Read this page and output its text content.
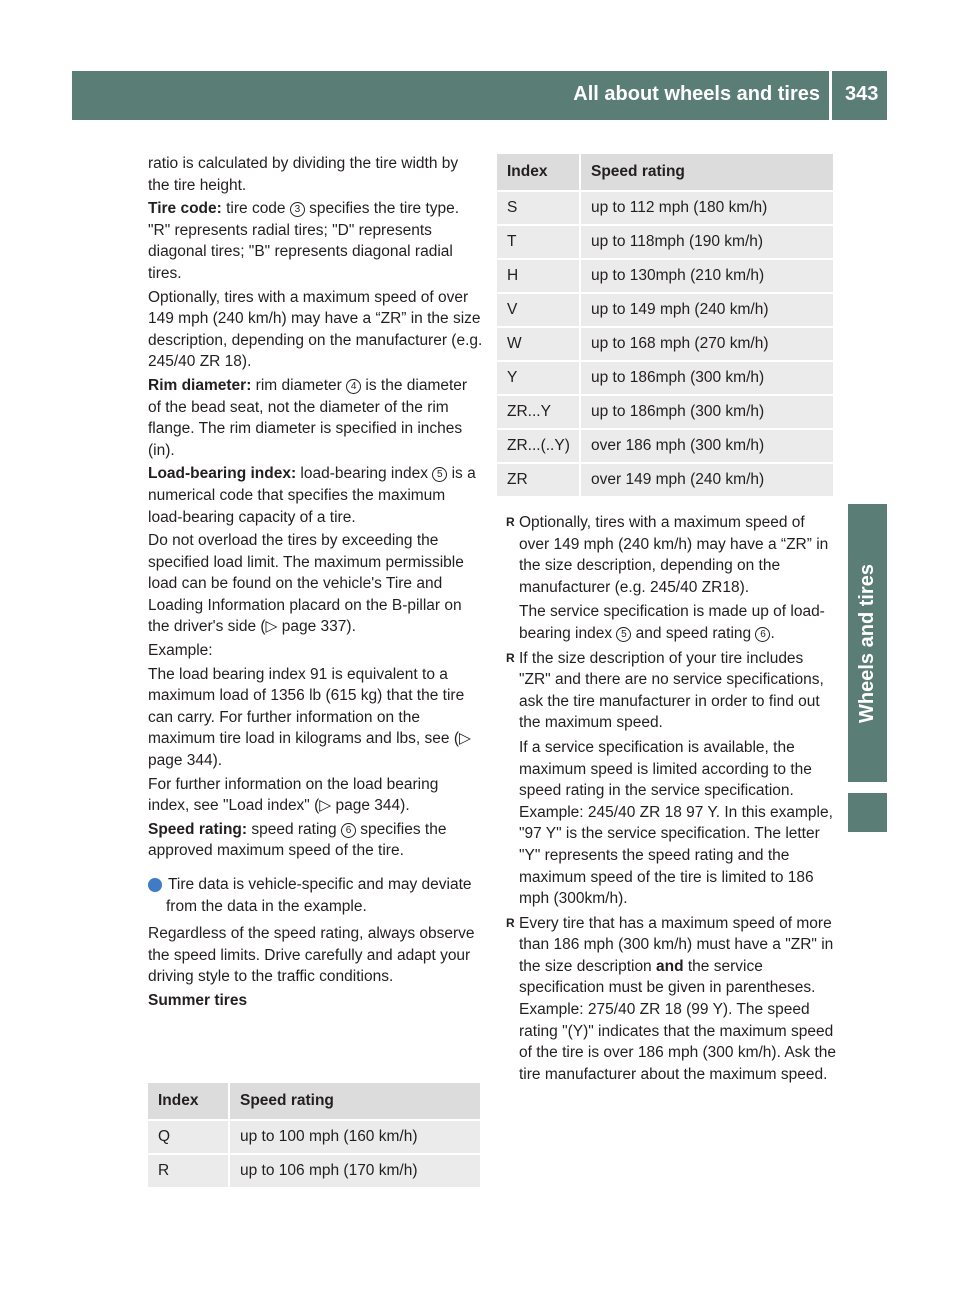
All about wheels and tires 343
Wheels and tires

ratio is calculated by dividing the tire width by the tire height.

Tire code: tire code 3 specifies the tire type. "R" represents radial tires; "D" represents diagonal tires; "B" represents diagonal radial tires.

Optionally, tires with a maximum speed of over 149 mph (240 km/h) may have a “ZR” in the size description, depending on the manufacturer (e.g. 245/40 ZR 18).

Rim diameter: rim diameter 4 is the diameter of the bead seat, not the diameter of the rim flange. The rim diameter is specified in inches (in).

Load-bearing index: load-bearing index 5 is a numerical code that specifies the maximum load-bearing capacity of a tire.

Do not overload the tires by exceeding the specified load limit. The maximum permissible load can be found on the vehicle's Tire and Loading Information placard on the B-pillar on the driver's side (▷ page 337).

Example:

The load bearing index 91 is equivalent to a maximum load of 1356 lb (615 kg) that the tire can carry. For further information on the maximum tire load in kilograms and lbs, see (▷ page 344).

For further information on the load bearing index, see "Load index" (▷ page 344).

Speed rating: speed rating 6 specifies the approved maximum speed of the tire.

i Tire data is vehicle-specific and may deviate from the data in the example.

Regardless of the speed rating, always observe the speed limits. Drive carefully and adapt your driving style to the traffic conditions.

Summer tires

Index	Speed rating
Q	up to 100 mph (160 km/h)
R	up to 106 mph (170 km/h)
Index	Speed rating
S	up to 112 mph (180 km/h)
T	up to 118mph (190 km/h)
H	up to 130mph (210 km/h)
V	up to 149 mph (240 km/h)
W	up to 168 mph (270 km/h)
Y	up to 186mph (300 km/h)
ZR...Y	up to 186mph (300 km/h)
ZR...(..Y)	over 186 mph (300 km/h)
ZR	over 149 mph (240 km/h)

R Optionally, tires with a maximum speed of over 149 mph (240 km/h) may have a “ZR” in the size description, depending on the manufacturer (e.g. 245/40 ZR18).

The service specification is made up of load-bearing index 5 and speed rating 6 .

R If the size description of your tire includes "ZR" and there are no service specifications, ask the tire manufacturer in order to find out the maximum speed.

If a service specification is available, the maximum speed is limited according to the speed rating in the service specification. Example: 245/40 ZR 18 97 Y. In this example, "97 Y" is the service specification. The letter "Y" represents the speed rating and the maximum speed of the tire is limited to 186 mph (300km/h).

R Every tire that has a maximum speed of more than 186 mph (300 km/h) must have a "ZR" in the size description and the service specification must be given in parentheses. Example: 275/40 ZR 18 (99 Y). The speed rating "(Y)" indicates that the maximum speed of the tire is over 186 mph (300 km/h). Ask the tire manufacturer about the maximum speed.
